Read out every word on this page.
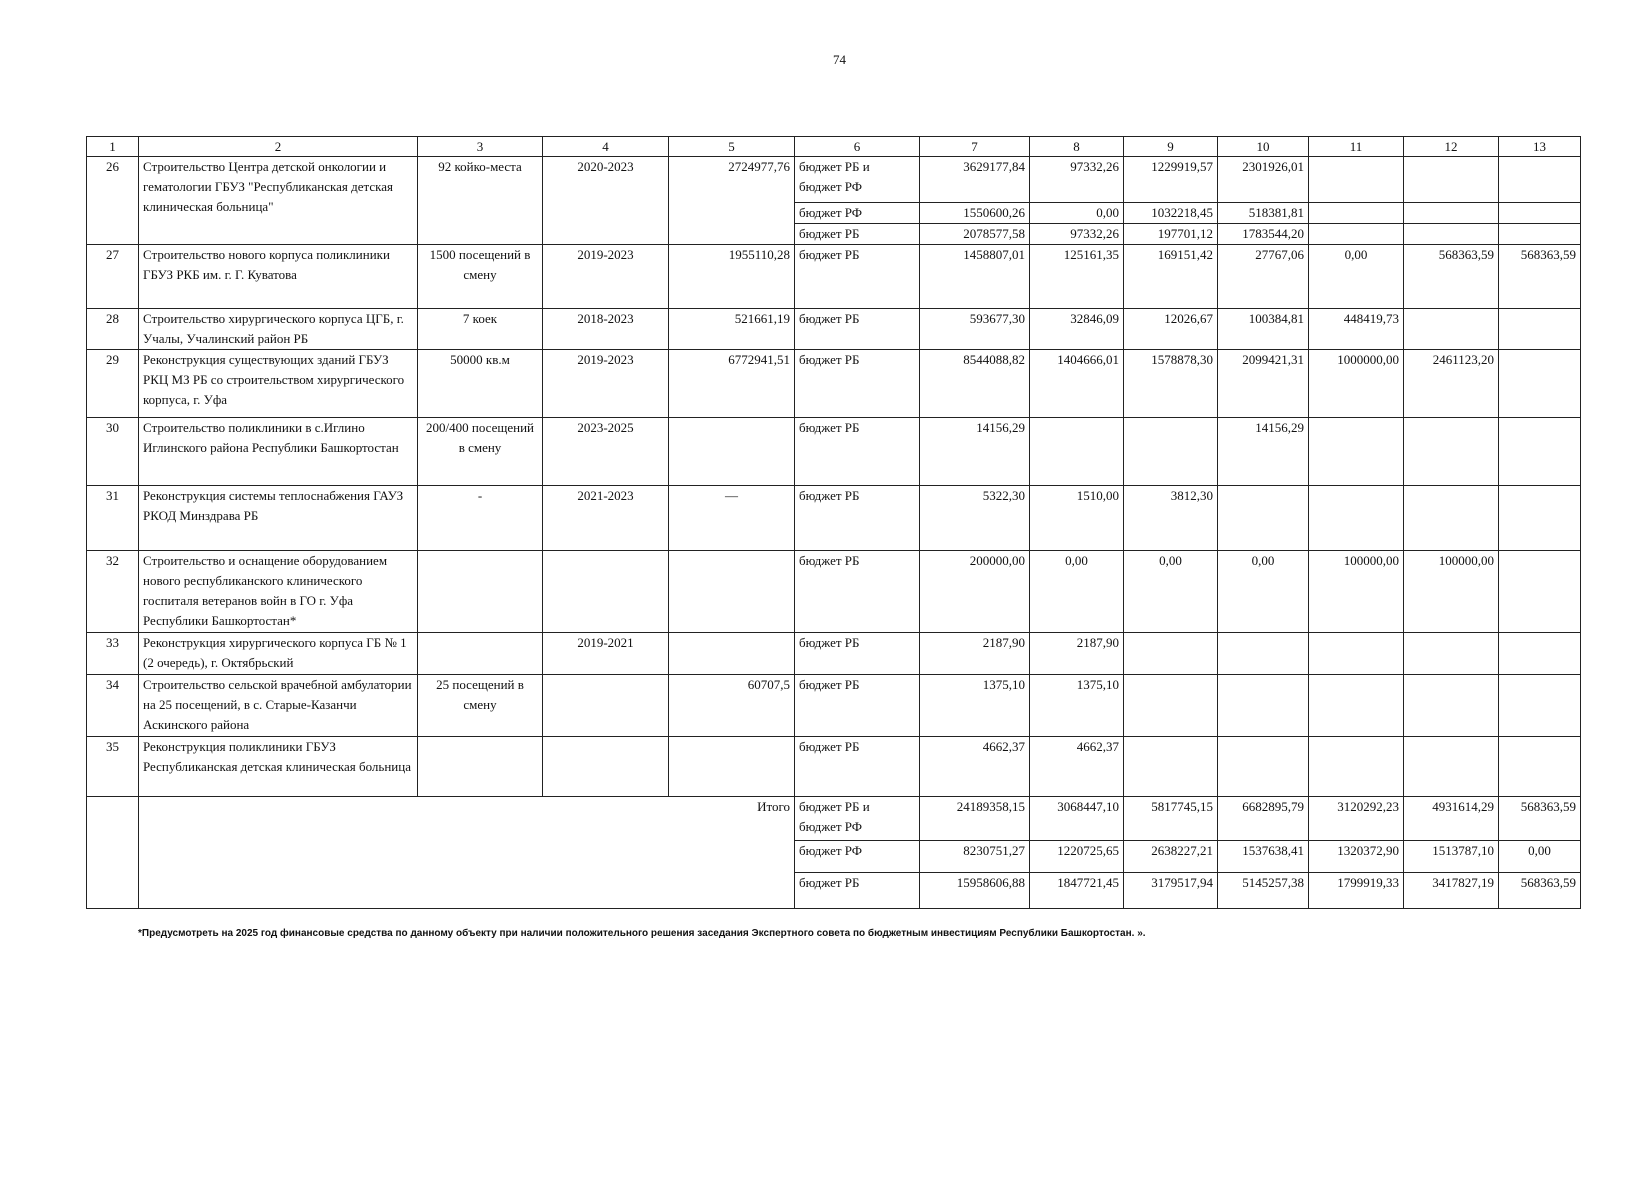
74
1	2	3	4	5	6	7	8	9	10	11	12	13
26	Строительство Центра детской онкологии и гематологии ГБУЗ "Республиканская детская клиническая больница"	92 койко-места	2020-2023	2724977,76	бюджет РБ и бюджет РФ	3629177,84	97332,26	1229919,57	2301926,01			
					бюджет РФ	1550600,26	0,00	1032218,45	518381,81			
					бюджет РБ	2078577,58	97332,26	197701,12	1783544,20			
27	Строительство нового корпуса поликлиники ГБУЗ РКБ им. г. Г. Куватова	1500 посещений в смену	2019-2023	1955110,28	бюджет РБ	1458807,01	125161,35	169151,42	27767,06	0,00	568363,59	568363,59
28	Строительство хирургического корпуса ЦГБ, г. Учалы, Учалинский район РБ	7 коек	2018-2023	521661,19	бюджет РБ	593677,30	32846,09	12026,67	100384,81	448419,73		
29	Реконструкция существующих зданий ГБУЗ РКЦ МЗ РБ со строительством хирургического корпуса, г. Уфа	50000 кв.м	2019-2023	6772941,51	бюджет РБ	8544088,82	1404666,01	1578878,30	2099421,31	1000000,00	2461123,20	
30	Строительство поликлиники в с.Иглино Иглинского района Республики Башкортостан	200/400 посещений в смену	2023-2025		бюджет РБ	14156,29			14156,29			
31	Реконструкция системы теплоснабжения ГАУЗ РКОД Минздрава РБ	-	2021-2023	—	бюджет РБ	5322,30	1510,00	3812,30				
32	Строительство и оснащение оборудованием нового республиканского клинического госпиталя ветеранов войн в ГО г. Уфа Республики Башкортостан*				бюджет РБ	200000,00	0,00	0,00	0,00	100000,00	100000,00	
33	Реконструкция хирургического корпуса ГБ № 1 (2 очередь), г. Октябрьский		2019-2021		бюджет РБ	2187,90	2187,90					
34	Строительство сельской врачебной амбулатории на 25 посещений, в с. Старые-Казанчи Аскинского района	25 посещений в смену		60707,5	бюджет РБ	1375,10	1375,10					
35	Реконструкция поликлиники ГБУЗ Республиканская детская клиническая больница				бюджет РБ	4662,37	4662,37					
	Итого				бюджет РБ и бюджет РФ	24189358,15	3068447,10	5817745,15	6682895,79	3120292,23	4931614,29	568363,59
					бюджет РФ	8230751,27	1220725,65	2638227,21	1537638,41	1320372,90	1513787,10	0,00
					бюджет РБ	15958606,88	1847721,45	3179517,94	5145257,38	1799919,33	3417827,19	568363,59
*Предусмотреть на 2025 год финансовые средства по данному объекту при наличии положительного решения заседания Экспертного совета по бюджетным инвестициям Республики Башкортостан. ».
